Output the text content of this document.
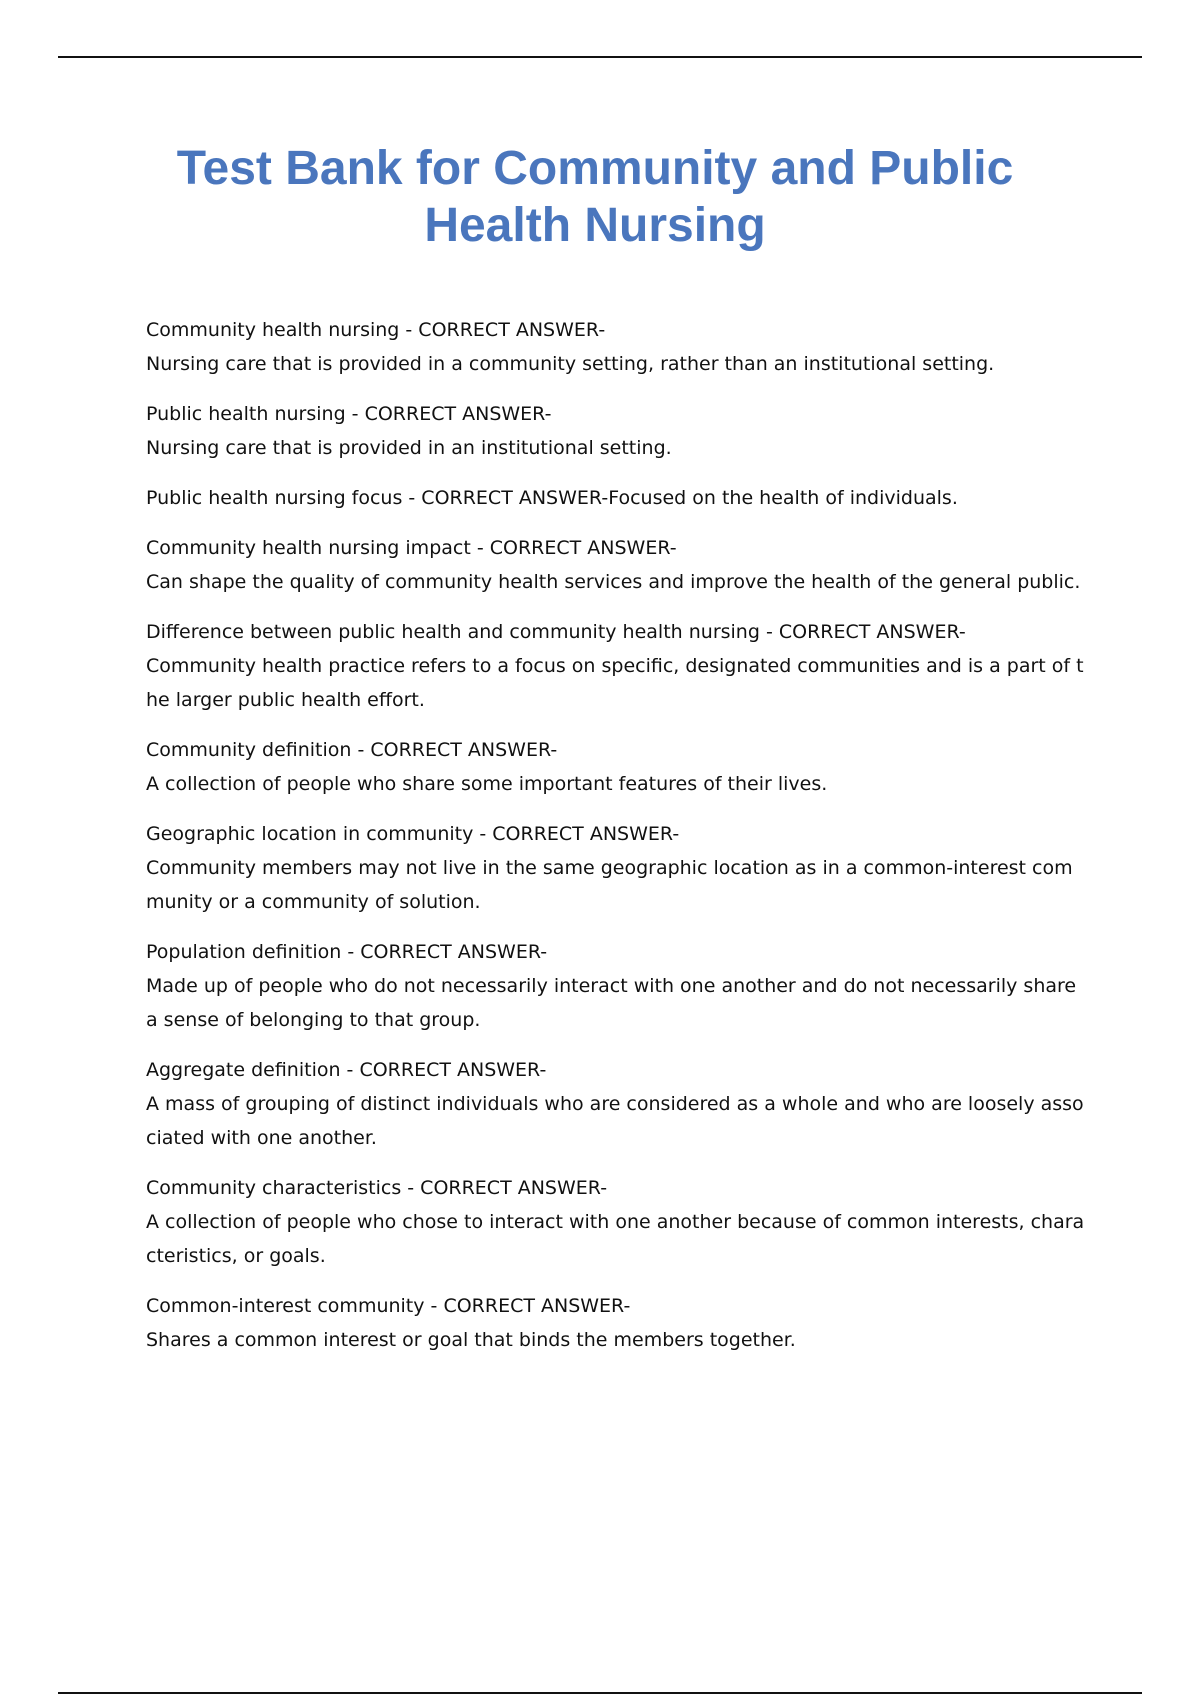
Test Bank for Community and Public Health Nursing
Community health nursing - CORRECT ANSWER-
Nursing care that is provided in a community setting, rather than an institutional setting.
Public health nursing - CORRECT ANSWER-
Nursing care that is provided in an institutional setting.
Public health nursing focus - CORRECT ANSWER-Focused on the health of individuals.
Community health nursing impact - CORRECT ANSWER-
Can shape the quality of community health services and improve the health of the general public.
Difference between public health and community health nursing - CORRECT ANSWER-
Community health practice refers to a focus on specific, designated communities and is a part of the larger public health effort.
Community definition - CORRECT ANSWER-
A collection of people who share some important features of their lives.
Geographic location in community - CORRECT ANSWER-
Community members may not live in the same geographic location as in a common-interest community or a community of solution.
Population definition - CORRECT ANSWER-
Made up of people who do not necessarily interact with one another and do not necessarily share a sense of belonging to that group.
Aggregate definition - CORRECT ANSWER-
A mass of grouping of distinct individuals who are considered as a whole and who are loosely associated with one another.
Community characteristics - CORRECT ANSWER-
A collection of people who chose to interact with one another because of common interests, characteristics, or goals.
Common-interest community - CORRECT ANSWER-
Shares a common interest or goal that binds the members together.
